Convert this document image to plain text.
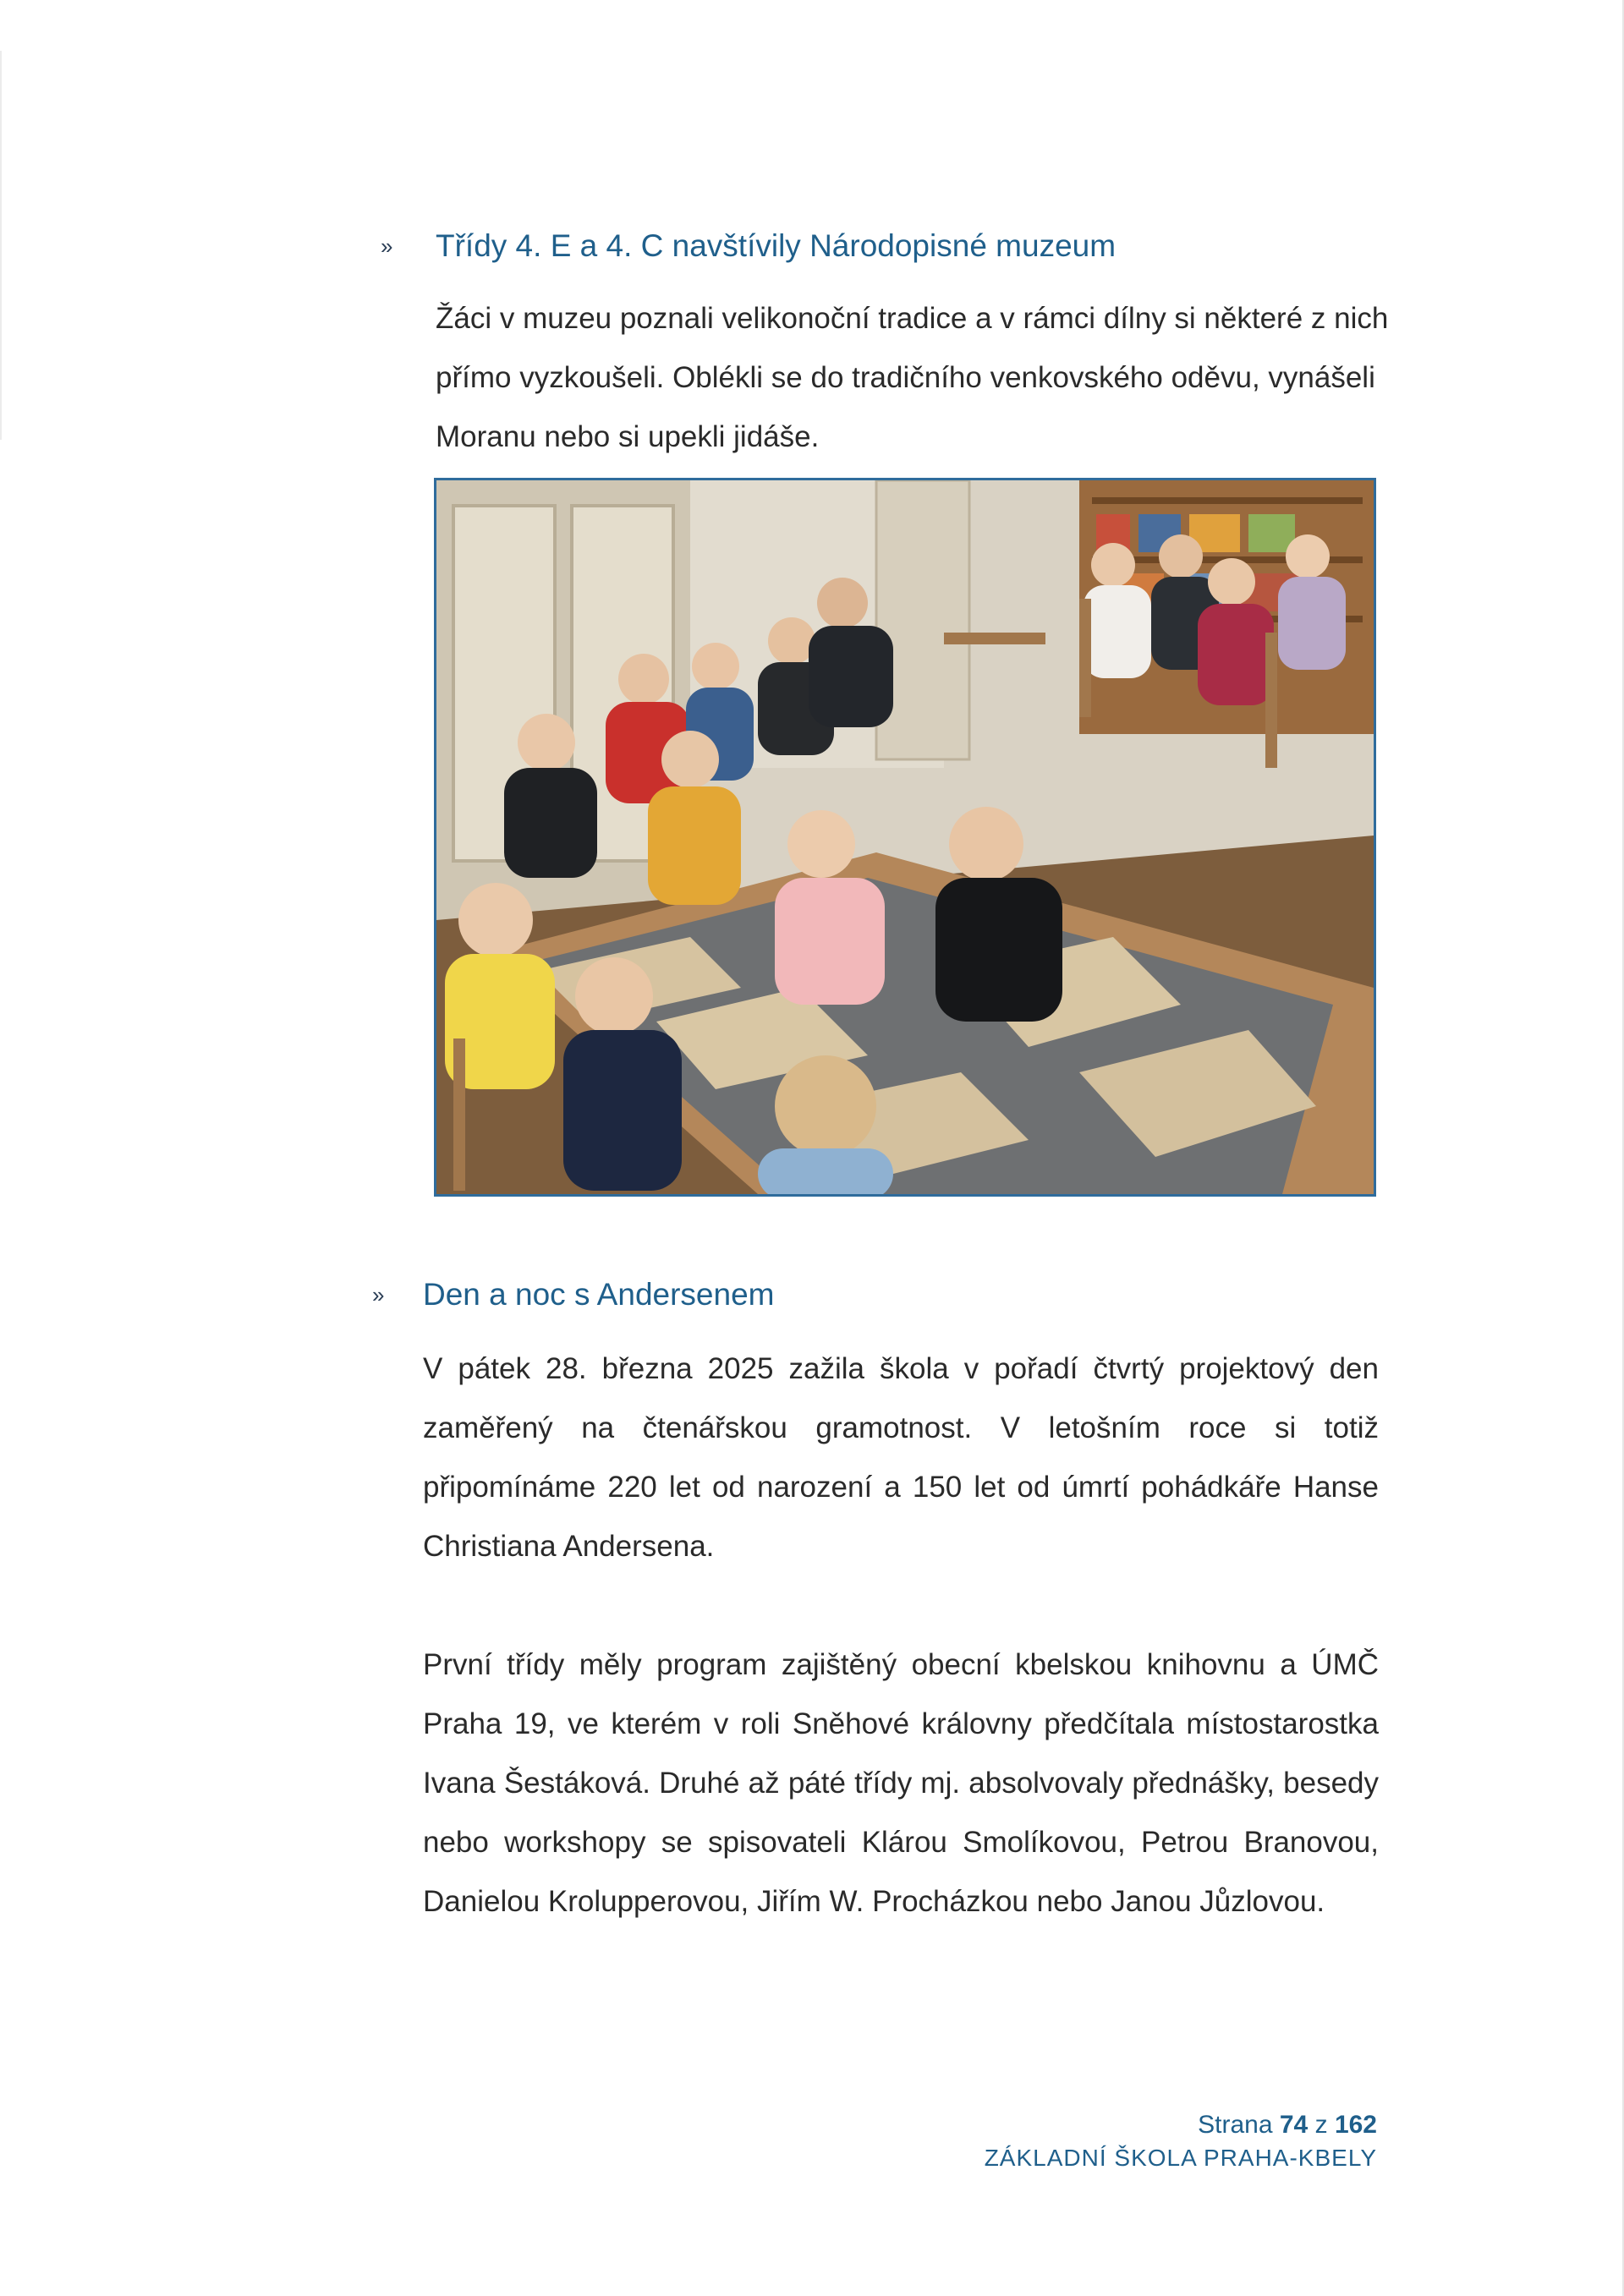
» Třídy 4. E a 4. C navštívily Národopisné muzeum

Žáci v muzeu poznali velikonoční tradice a v rámci dílny si některé z nich přímo vyzkoušeli. Oblékli se do tradičního venkovského oděvu, vynášeli Moranu nebo si upekli jidáše.

» Den a noc s Andersenem

V pátek 28. března 2025 zažila škola v pořadí čtvrtý projektový den zaměřený na čtenářskou gramotnost. V letošním roce si totiž připomínáme 220 let od narození a 150 let od úmrtí pohádkáře Hanse Christiana Andersena.

První třídy měly program zajištěný obecní kbelskou knihovnu a ÚMČ Praha 19, ve kterém v roli Sněhové královny předčítala místostarostka Ivana Šestáková. Druhé až páté třídy mj. absolvovaly přednášky, besedy nebo workshopy se spisovateli Klárou Smolíkovou, Petrou Branovou, Danielou Krolupperovou, Jiřím W. Procházkou nebo Janou Jůzlovou.

Strana 74 z 162
ZÁKLADNÍ ŠKOLA PRAHA-KBELY
